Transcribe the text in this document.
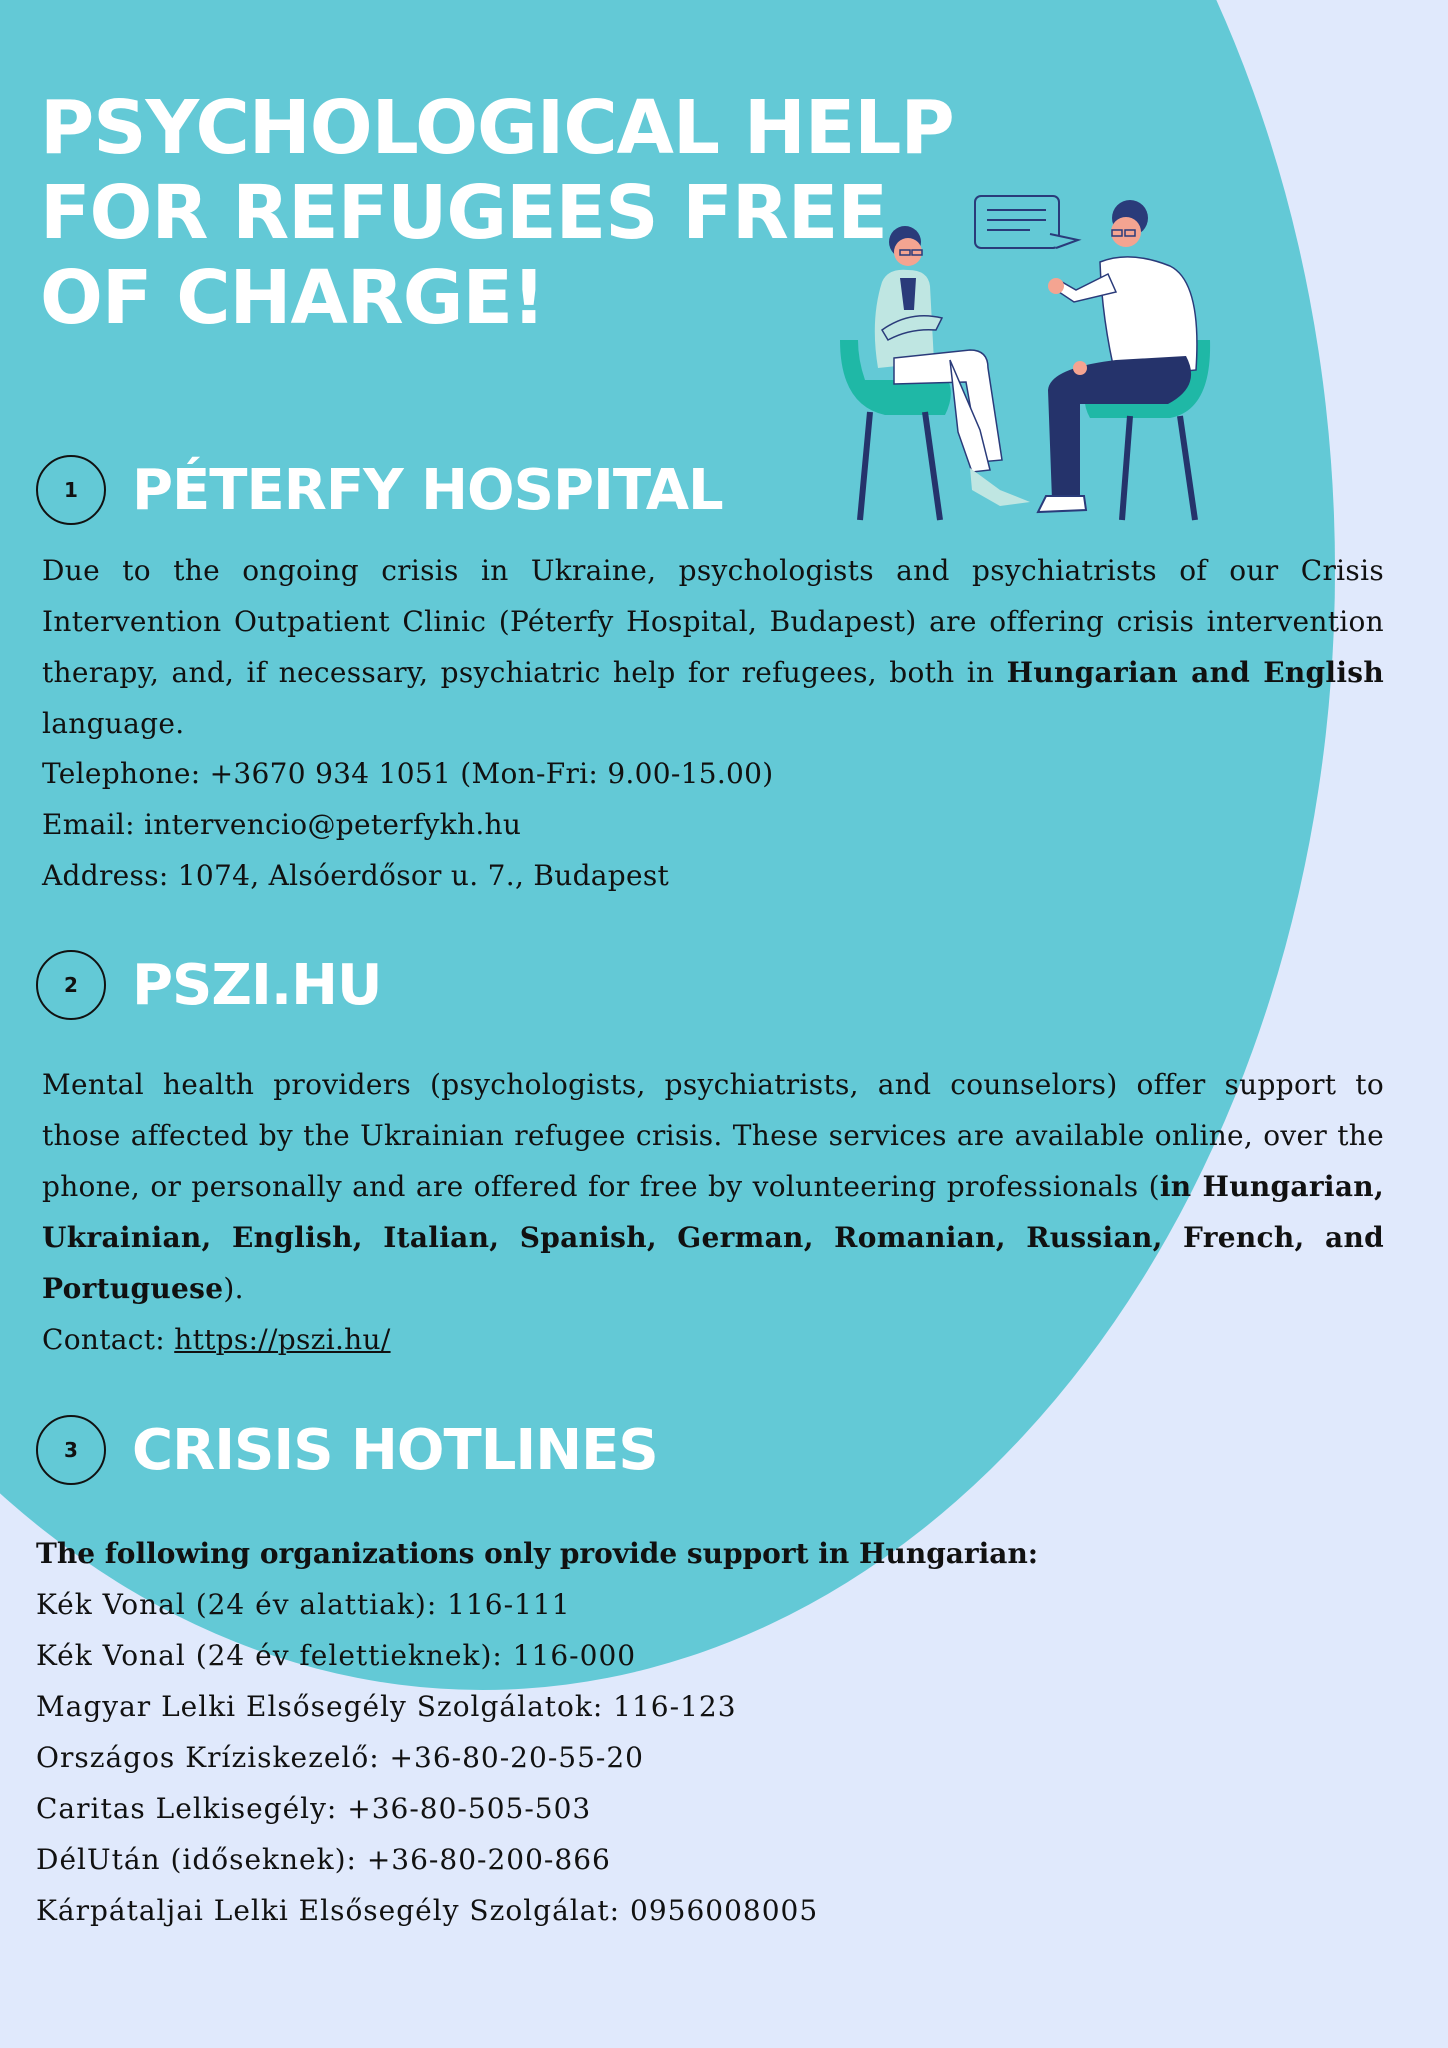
PSYCHOLOGICAL HELP
FOR REFUGEES FREE
OF CHARGE!
1 PÉTERFY HOSPITAL

Due to the ongoing crisis in Ukraine, psychologists and psychiatrists of our Crisis Intervention Outpatient Clinic (Péterfy Hospital, Budapest) are offering crisis intervention therapy, and, if necessary, psychiatric help for refugees, both in Hungarian and English language.

Telephone: +3670 934 1051 (Mon-Fri: 9.00-15.00)
Email: intervencio@peterfykh.hu
Address: 1074, Alsóerdősor u. 7., Budapest
2 PSZI.HU

Mental health providers (psychologists, psychiatrists, and counselors) offer support to those affected by the Ukrainian refugee crisis. These services are available online, over the phone, or personally and are offered for free by volunteering professionals (in Hungarian, Ukrainian, English, Italian, Spanish, German, Romanian, Russian, French, and Portuguese).

Contact: https://pszi.hu/
3 CRISIS HOTLINES
The following organizations only provide support in Hungarian:
Kék Vonal (24 év alattiak): 116-111
Kék Vonal (24 év felettieknek): 116-000
Magyar Lelki Elsősegély Szolgálatok: 116-123
Országos Kríziskezelő: +36-80-20-55-20
Caritas Lelkisegély: +36-80-505-503
DélUtán (időseknek): +36-80-200-866
Kárpátaljai Lelki Elsősegély Szolgálat: 0956008005
